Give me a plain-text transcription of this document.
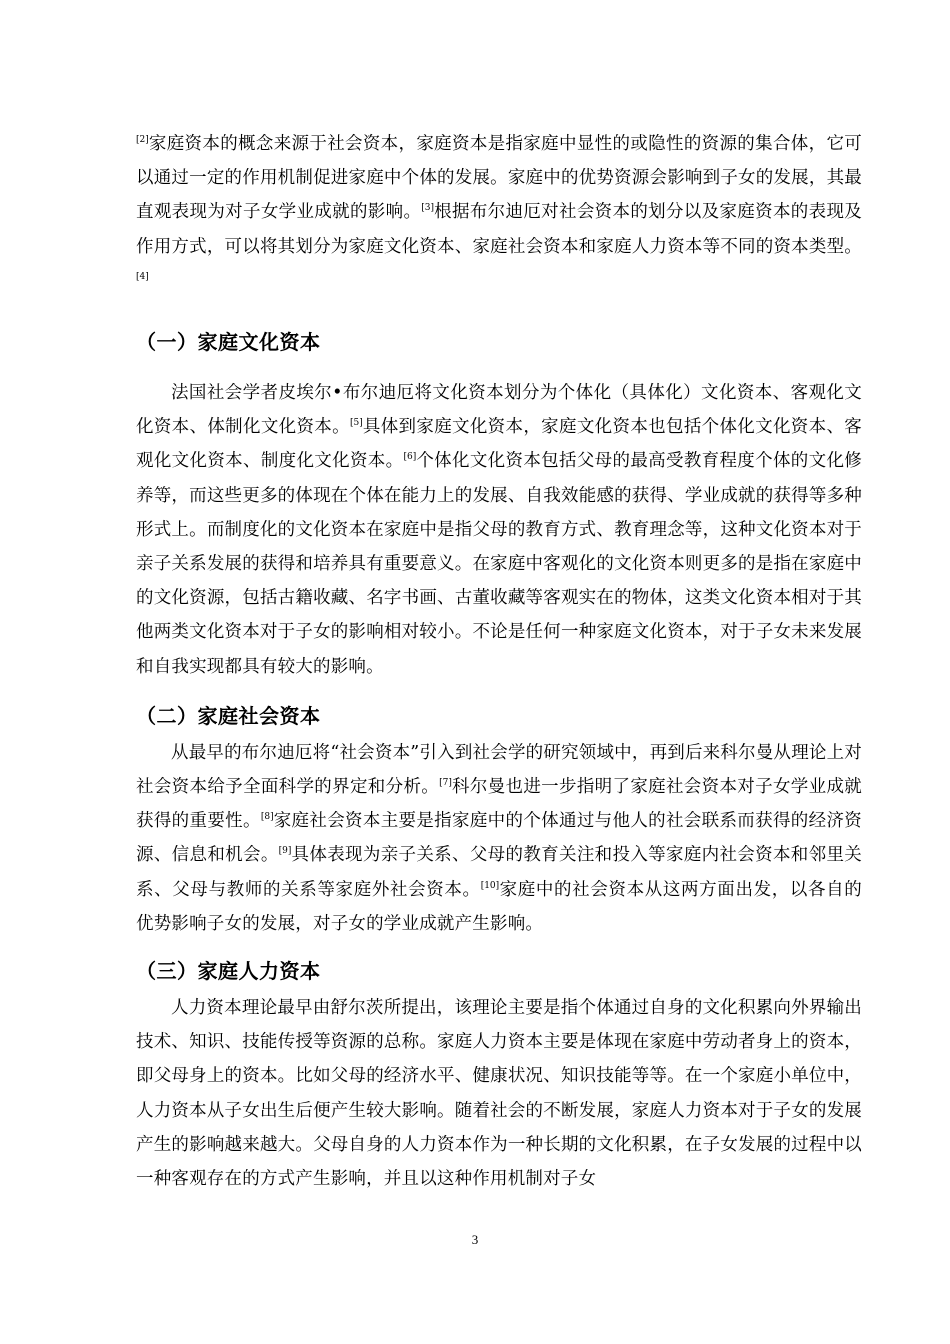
[2]家庭资本的概念来源于社会资本，家庭资本是指家庭中显性的或隐性的资源的集合体，它可以通过一定的作用机制促进家庭中个体的发展。家庭中的优势资源会影响到子女的发展，其最直观表现为对子女学业成就的影响。[3]根据布尔迪厄对社会资本的划分以及家庭资本的表现及作用方式，可以将其划分为家庭文化资本、家庭社会资本和家庭人力资本等不同的资本类型。[4]

（一）家庭文化资本

法国社会学者皮埃尔•布尔迪厄将文化资本划分为个体化（具体化）文化资本、客观化文化资本、体制化文化资本。[5]具体到家庭文化资本，家庭文化资本也包括个体化文化资本、客观化文化资本、制度化文化资本。[6]个体化文化资本包括父母的最高受教育程度个体的文化修养等，而这些更多的体现在个体在能力上的发展、自我效能感的获得、学业成就的获得等多种形式上。而制度化的文化资本在家庭中是指父母的教育方式、教育理念等，这种文化资本对于亲子关系发展的获得和培养具有重要意义。在家庭中客观化的文化资本则更多的是指在家庭中的文化资源，包括古籍收藏、名字书画、古董收藏等客观实在的物体，这类文化资本相对于其他两类文化资本对于子女的影响相对较小。不论是任何一种家庭文化资本，对于子女未来发展和自我实现都具有较大的影响。

（二）家庭社会资本

从最早的布尔迪厄将“社会资本”引入到社会学的研究领域中，再到后来科尔曼从理论上对社会资本给予全面科学的界定和分析。[7]科尔曼也进一步指明了家庭社会资本对子女学业成就获得的重要性。[8]家庭社会资本主要是指家庭中的个体通过与他人的社会联系而获得的经济资源、信息和机会。[9]具体表现为亲子关系、父母的教育关注和投入等家庭内社会资本和邻里关系、父母与教师的关系等家庭外社会资本。[10]家庭中的社会资本从这两方面出发，以各自的优势影响子女的发展，对子女的学业成就产生影响。

（三）家庭人力资本

人力资本理论最早由舒尔茨所提出，该理论主要是指个体通过自身的文化积累向外界输出技术、知识、技能传授等资源的总称。家庭人力资本主要是体现在家庭中劳动者身上的资本，即父母身上的资本。比如父母的经济水平、健康状况、知识技能等等。在一个家庭小单位中，人力资本从子女出生后便产生较大影响。随着社会的不断发展，家庭人力资本对于子女的发展产生的影响越来越大。父母自身的人力资本作为一种长期的文化积累，在子女发展的过程中以一种客观存在的方式产生影响，并且以这种作用机制对子女

3
